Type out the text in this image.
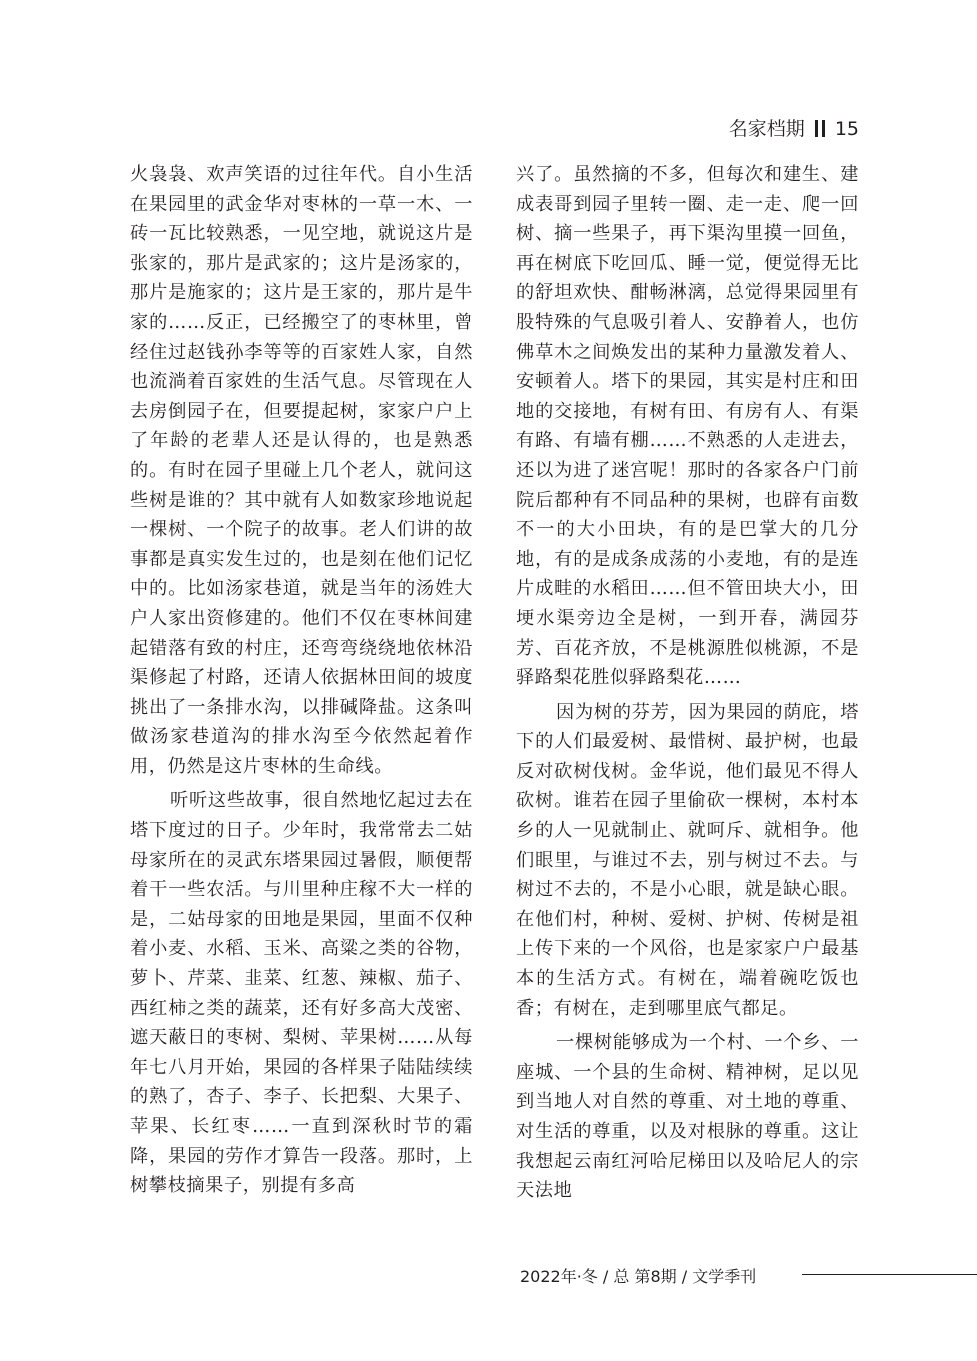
名家档期 15

火袅袅、欢声笑语的过往年代。自小生活在果园里的武金华对枣林的一草一木、一砖一瓦比较熟悉，一见空地，就说这片是张家的，那片是武家的；这片是汤家的，那片是施家的；这片是王家的，那片是牛家的……反正，已经搬空了的枣林里，曾经住过赵钱孙李等等的百家姓人家，自然也流淌着百家姓的生活气息。尽管现在人去房倒园子在，但要提起树，家家户户上了年龄的老辈人还是认得的，也是熟悉的。有时在园子里碰上几个老人，就问这些树是谁的？其中就有人如数家珍地说起一棵树、一个院子的故事。老人们讲的故事都是真实发生过的，也是刻在他们记忆中的。比如汤家巷道，就是当年的汤姓大户人家出资修建的。他们不仅在枣林间建起错落有致的村庄，还弯弯绕绕地依林沿渠修起了村路，还请人依据林田间的坡度挑出了一条排水沟，以排碱降盐。这条叫做汤家巷道沟的排水沟至今依然起着作用，仍然是这片枣林的生命线。

听听这些故事，很自然地忆起过去在塔下度过的日子。少年时，我常常去二姑母家所在的灵武东塔果园过暑假，顺便帮着干一些农活。与川里种庄稼不大一样的是，二姑母家的田地是果园，里面不仅种着小麦、水稻、玉米、高粱之类的谷物，萝卜、芹菜、韭菜、红葱、辣椒、茄子、西红柿之类的蔬菜，还有好多高大茂密、遮天蔽日的枣树、梨树、苹果树……从每年七八月开始，果园的各样果子陆陆续续的熟了，杏子、李子、长把梨、大果子、苹果、长红枣……一直到深秋时节的霜降，果园的劳作才算告一段落。那时，上树攀枝摘果子，别提有多高

兴了。虽然摘的不多，但每次和建生、建成表哥到园子里转一圈、走一走、爬一回树、摘一些果子，再下渠沟里摸一回鱼，再在树底下吃回瓜、睡一觉，便觉得无比的舒坦欢快、酣畅淋漓，总觉得果园里有股特殊的气息吸引着人、安静着人，也仿佛草木之间焕发出的某种力量激发着人、安顿着人。塔下的果园，其实是村庄和田地的交接地，有树有田、有房有人、有渠有路、有墙有棚……不熟悉的人走进去，还以为进了迷宫呢！那时的各家各户门前院后都种有不同品种的果树，也辟有亩数不一的大小田块，有的是巴掌大的几分地，有的是成条成荡的小麦地，有的是连片成畦的水稻田……但不管田块大小，田埂水渠旁边全是树，一到开春，满园芬芳、百花齐放，不是桃源胜似桃源，不是驿路梨花胜似驿路梨花……

因为树的芬芳，因为果园的荫庇，塔下的人们最爱树、最惜树、最护树，也最反对砍树伐树。金华说，他们最见不得人砍树。谁若在园子里偷砍一棵树，本村本乡的人一见就制止、就呵斥、就相争。他们眼里，与谁过不去，别与树过不去。与树过不去的，不是小心眼，就是缺心眼。在他们村，种树、爱树、护树、传树是祖上传下来的一个风俗，也是家家户户最基本的生活方式。有树在，端着碗吃饭也香；有树在，走到哪里底气都足。

一棵树能够成为一个村、一个乡、一座城、一个县的生命树、精神树，足以见到当地人对自然的尊重、对土地的尊重、对生活的尊重，以及对根脉的尊重。这让我想起云南红河哈尼梯田以及哈尼人的宗天法地

2022年·冬 / 总 第8期 / 文学季刊
